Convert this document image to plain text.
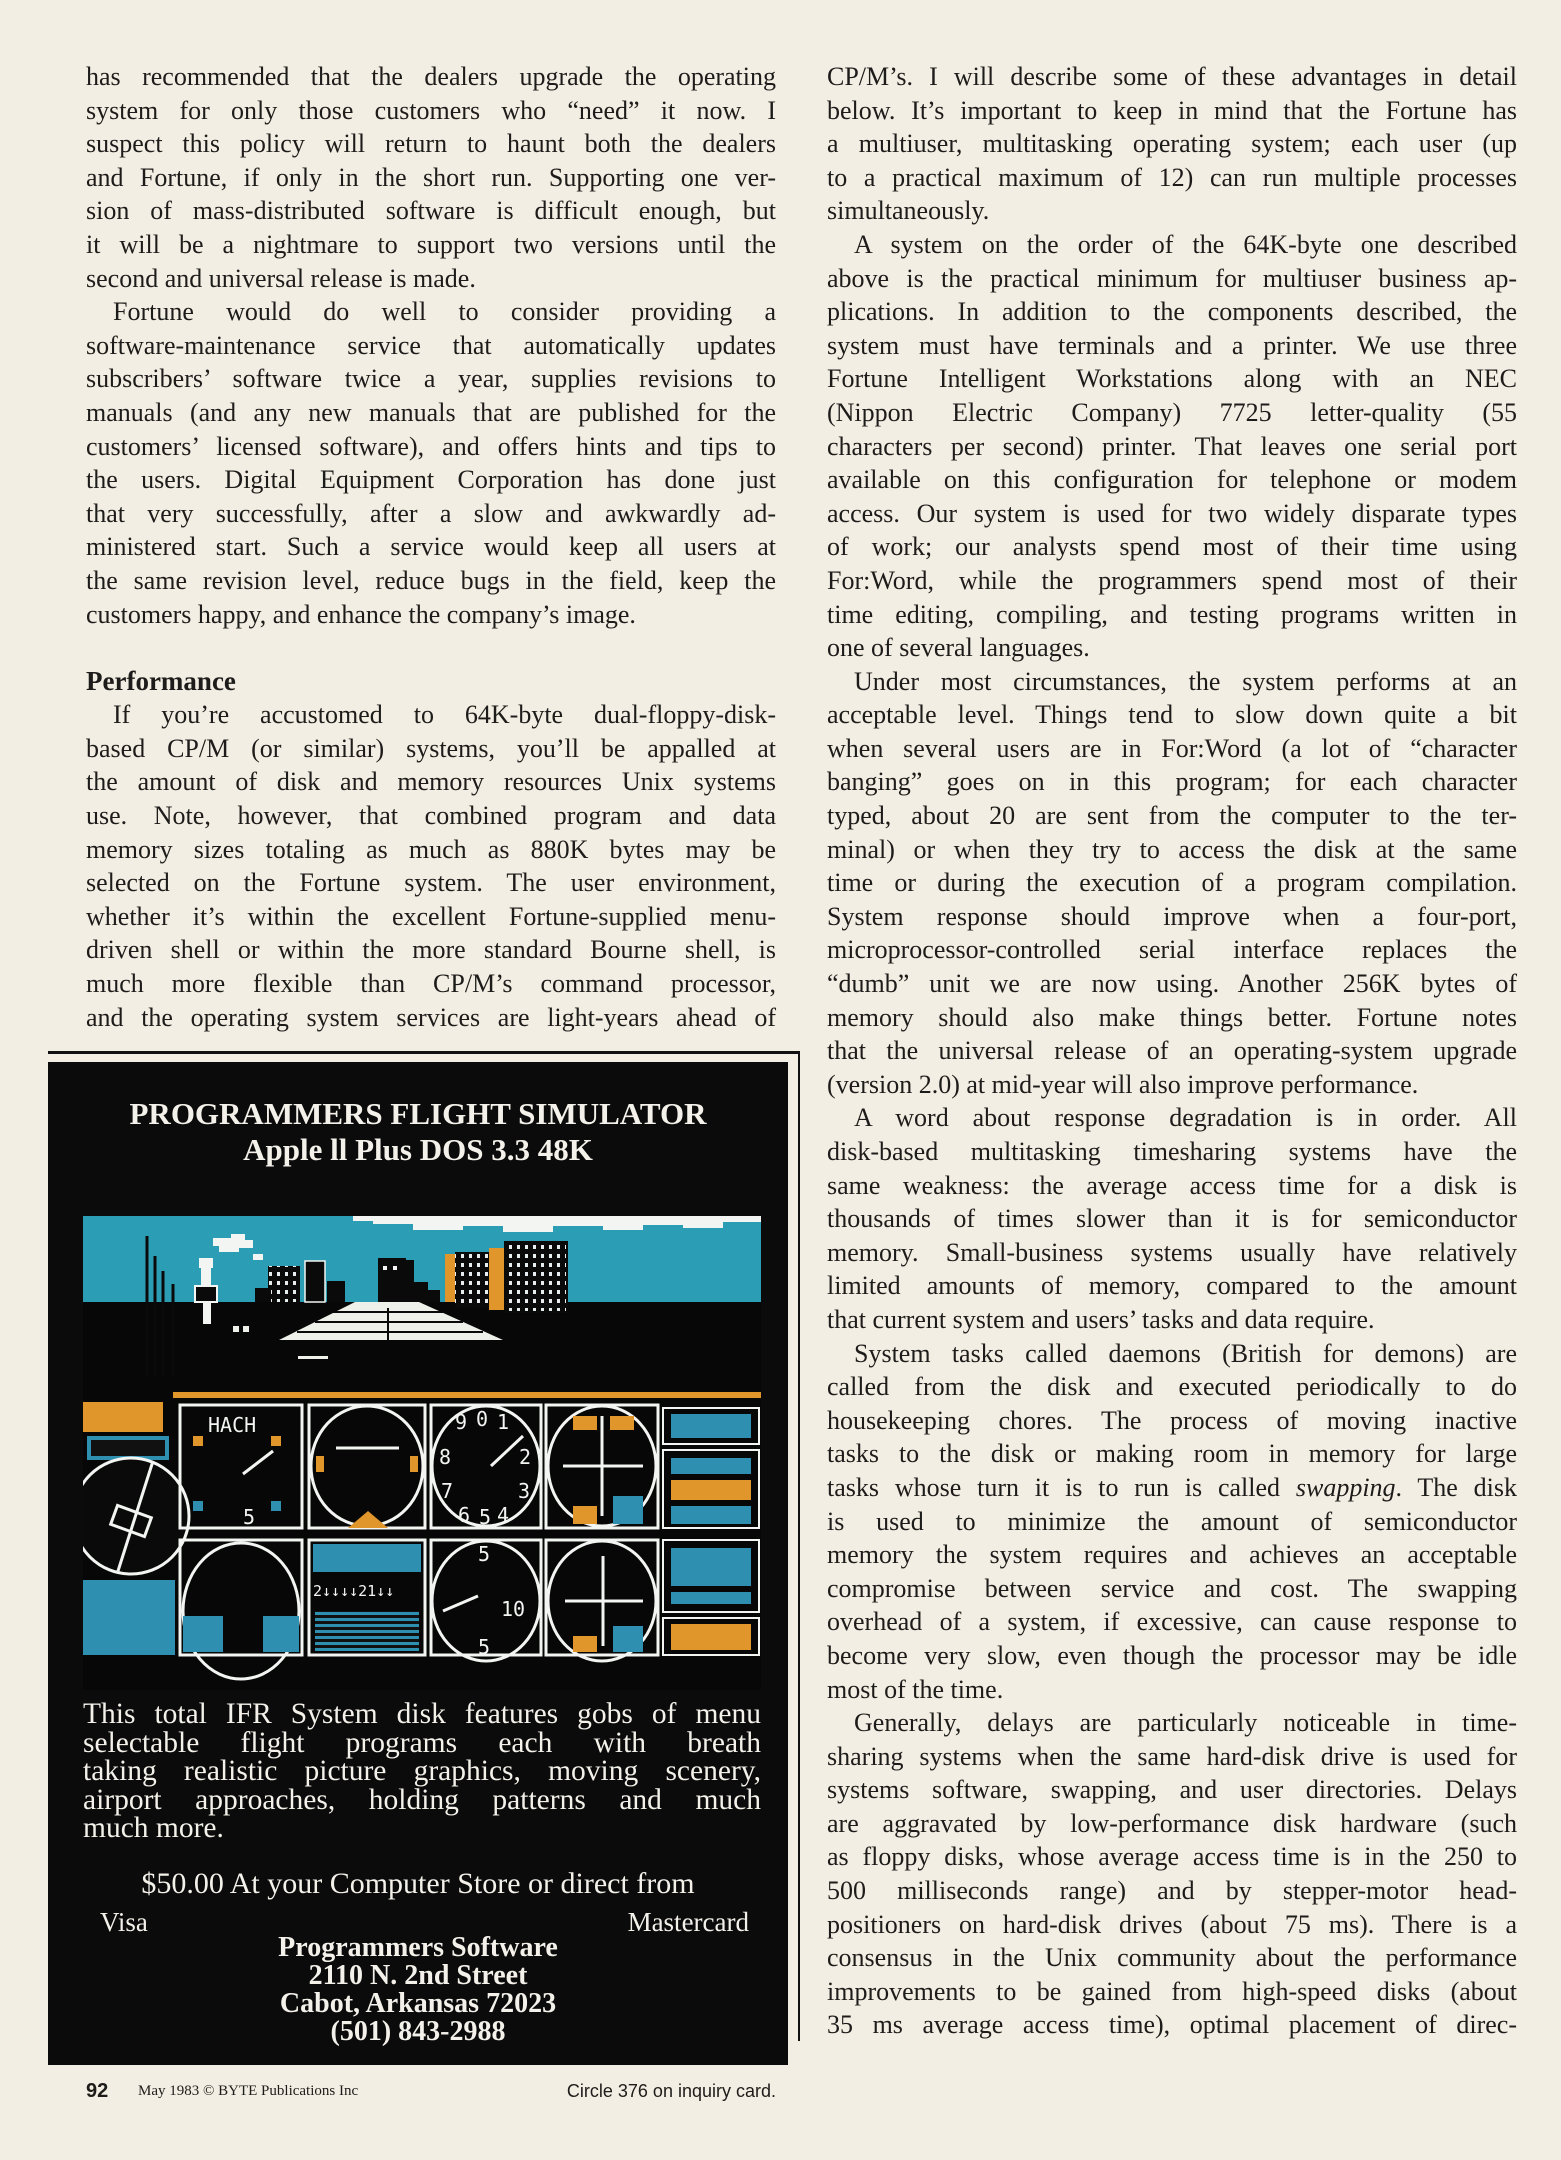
has recommended that the dealers upgrade the operating
system for only those customers who “need” it now. I
suspect this policy will return to haunt both the dealers
and Fortune, if only in the short run. Supporting one ver-
sion of mass-distributed software is difficult enough, but
it will be a nightmare to support two versions until the
second and universal release is made.
Fortune would do well to consider providing a
software-maintenance service that automatically updates
subscribers’ software twice a year, supplies revisions to
manuals (and any new manuals that are published for the
customers’ licensed software), and offers hints and tips to
the users. Digital Equipment Corporation has done just
that very successfully, after a slow and awkwardly ad-
ministered start. Such a service would keep all users at
the same revision level, reduce bugs in the field, keep the
customers happy, and enhance the company’s image.
Performance
If you’re accustomed to 64K-byte dual-floppy-disk-
based CP/M (or similar) systems, you’ll be appalled at
the amount of disk and memory resources Unix systems
use. Note, however, that combined program and data
memory sizes totaling as much as 880K bytes may be
selected on the Fortune system. The user environment,
whether it’s within the excellent Fortune-supplied menu-
driven shell or within the more standard Bourne shell, is
much more flexible than CP/M’s command processor,
and the operating system services are light-years ahead of
CP/M’s. I will describe some of these advantages in detail
below. It’s important to keep in mind that the Fortune has
a multiuser, multitasking operating system; each user (up
to a practical maximum of 12) can run multiple processes
simultaneously.
A system on the order of the 64K-byte one described
above is the practical minimum for multiuser business ap-
plications. In addition to the components described, the
system must have terminals and a printer. We use three
Fortune Intelligent Workstations along with an NEC
(Nippon Electric Company) 7725 letter-quality (55
characters per second) printer. That leaves one serial port
available on this configuration for telephone or modem
access. Our system is used for two widely disparate types
of work; our analysts spend most of their time using
For:Word, while the programmers spend most of their
time editing, compiling, and testing programs written in
one of several languages.
Under most circumstances, the system performs at an
acceptable level. Things tend to slow down quite a bit
when several users are in For:Word (a lot of “character
banging” goes on in this program; for each character
typed, about 20 are sent from the computer to the ter-
minal) or when they try to access the disk at the same
time or during the execution of a program compilation.
System response should improve when a four-port,
microprocessor-controlled serial interface replaces the
“dumb” unit we are now using. Another 256K bytes of
memory should also make things better. Fortune notes
that the universal release of an operating-system upgrade
(version 2.0) at mid-year will also improve performance.
A word about response degradation is in order. All
disk-based multitasking timesharing systems have the
same weakness: the average access time for a disk is
thousands of times slower than it is for semiconductor
memory. Small-business systems usually have relatively
limited amounts of memory, compared to the amount
that current system and users’ tasks and data require.
System tasks called daemons (British for demons) are
called from the disk and executed periodically to do
housekeeping chores. The process of moving inactive
tasks to the disk or making room in memory for large
tasks whose turn it is to run is called swapping. The disk
is used to minimize the amount of semiconductor
memory the system requires and achieves an acceptable
compromise between service and cost. The swapping
overhead of a system, if excessive, can cause response to
become very slow, even though the processor may be idle
most of the time.
Generally, delays are particularly noticeable in time-
sharing systems when the same hard-disk drive is used for
systems software, swapping, and user directories. Delays
are aggravated by low-performance disk hardware (such
as floppy disks, whose average access time is in the 250 to
500 milliseconds range) and by stepper-motor head-
positioners on hard-disk drives (about 75 ms). There is a
consensus in the Unix community about the performance
improvements to be gained from high-speed disks (about
35 ms average access time), optimal placement of direc-
PROGRAMMERS FLIGHT SIMULATOR
Apple ll Plus DOS 3.3 48K
HACH
5
9 0 1
8	2
7	3
6 5 4
2↓↓↓↓21↓↓
5
10
5
This total IFR System disk features gobs of menu
selectable flight programs each with breath
taking realistic picture graphics, moving scenery,
airport approaches, holding patterns and much
much more.
$50.00 At your Computer Store or direct from
Visa	Mastercard
Programmers Software
2110 N. 2nd Street
Cabot, Arkansas 72023
(501) 843-2988
92 May 1983 © BYTE Publications Inc	Circle 376 on inquiry card.
